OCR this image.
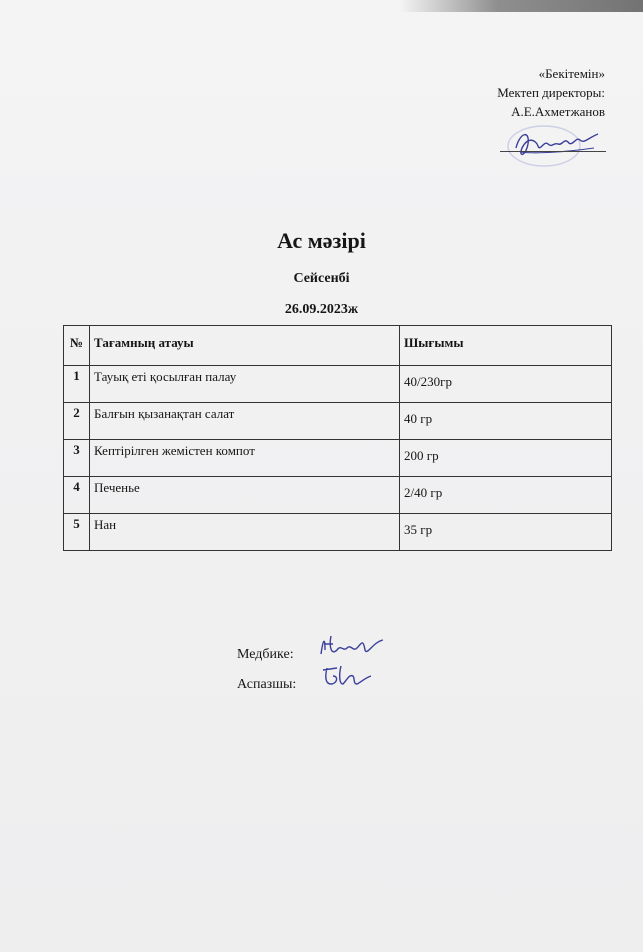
«Бекітемін»
Мектеп директоры:
А.Е.Ахметжанов
Ас мәзірі
Сейсенбі
26.09.2023ж
№	Тағамның атауы	Шығымы
1	Тауық еті қосылған палау	40/230гр
2	Балғын қызанақтан салат	40 гр
3	Кептірілген жемістен компот	200 гр
4	Печенье	2/40 гр
5	Нан	35 гр
Медбике:
Аспазшы:
